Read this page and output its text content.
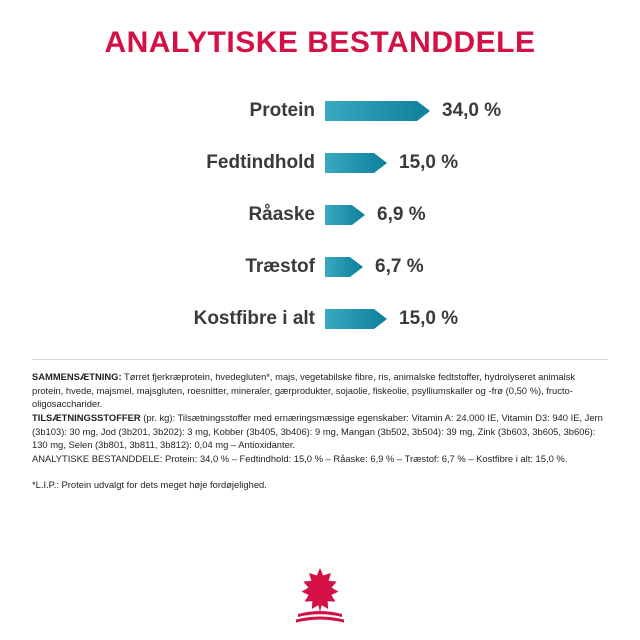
ANALYTISKE BESTANDDELE
Protein	34,0 %
Fedtindhold	15,0 %
Råaske	6,9 %
Træstof	6,7 %
Kostfibre i alt	15,0 %

SAMMENSÆTNING: Tørret fjerkræprotein, hvedegluten*, majs, vegetabilske fibre, ris, animalske fedtstoffer, hydrolyseret animalsk protein, hvede, majsmel, majsgluten, roesnitter, mineraler, gærprodukter, sojaolie, fiskeolie, psylliumskaller og -frø (0,50 %), fructo-oligosaccharider.

TILSÆTNINGSSTOFFER (pr. kg): Tilsætningsstoffer med ernæringsmæssige egenskaber: Vitamin A: 24.000 IE, Vitamin D3: 940 IE, Jern (3b103): 30 mg, Jod (3b201, 3b202): 3 mg, Kobber (3b405, 3b406): 9 mg, Mangan (3b502, 3b504): 39 mg, Zink (3b603, 3b605, 3b606): 130 mg, Selen (3b801, 3b811, 3b812): 0,04 mg – Antioxidanter.

ANALYTISKE BESTANDDELE: Protein: 34,0 % – Fedtindhold: 15,0 % – Råaske: 6,9 % – Træstof: 6,7 % – Kostfibre i alt: 15,0 %.

*L.I.P.: Protein udvalgt for dets meget høje fordøjelighed.
